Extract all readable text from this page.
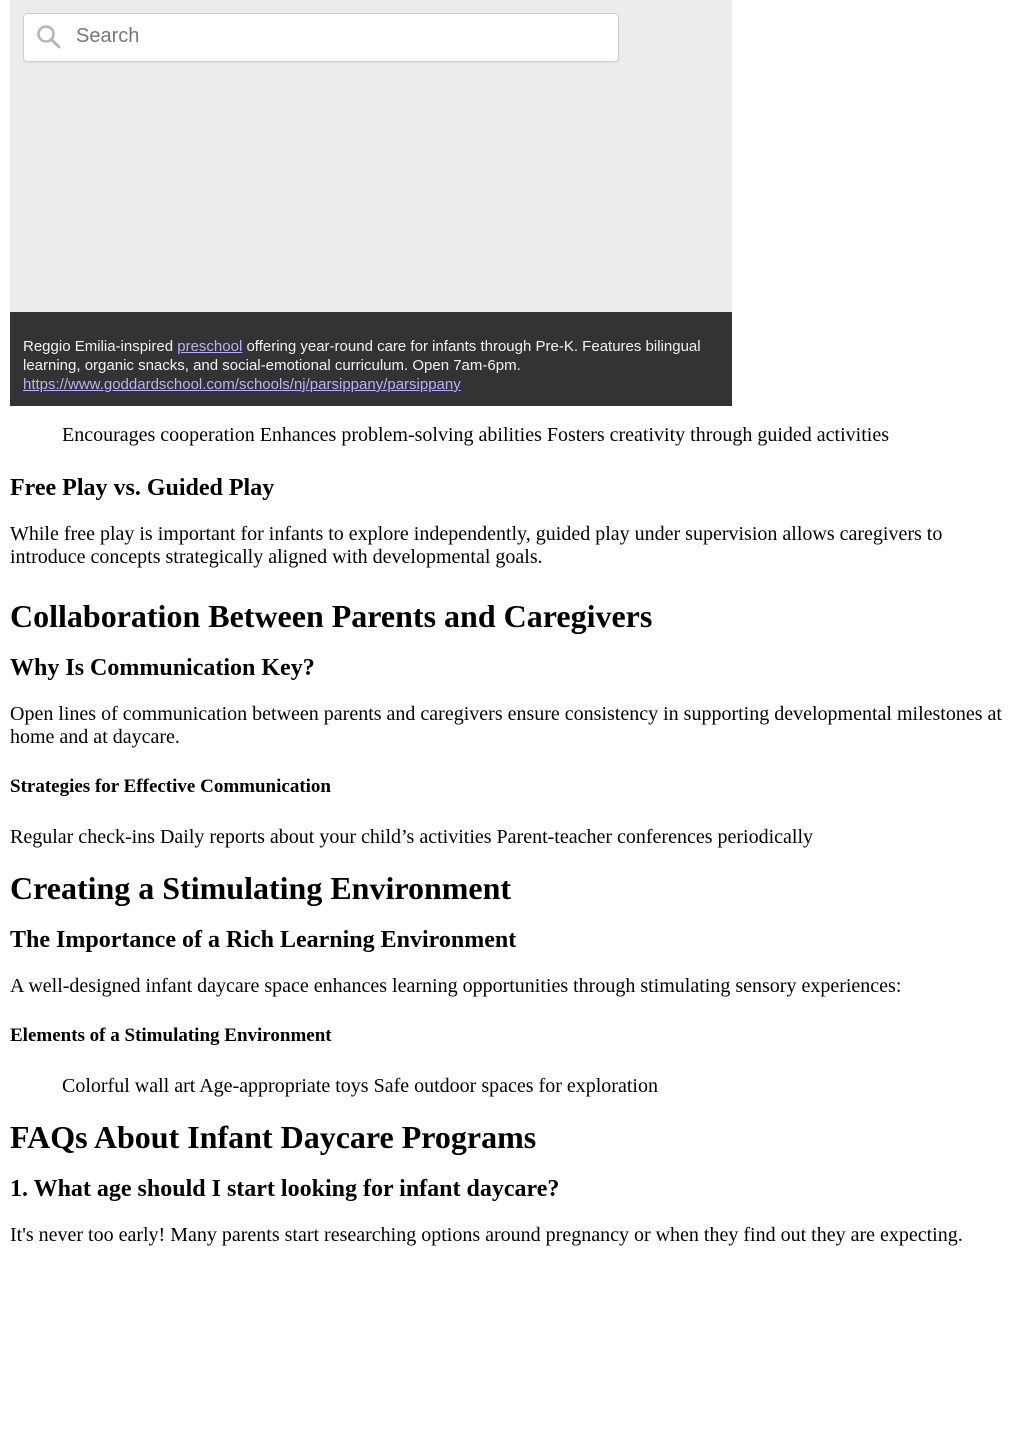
Search
Reggio Emilia-inspired preschool offering year-round care for infants through Pre-K. Features bilingual learning, organic snacks, and social-emotional curriculum. Open 7am-6pm.
https://www.goddardschool.com/schools/nj/parsippany/parsippany

Encourages cooperation Enhances problem-solving abilities Fosters creativity through guided activities

Free Play vs. Guided Play

While free play is important for infants to explore independently, guided play under supervision allows caregivers to introduce concepts strategically aligned with developmental goals.

Collaboration Between Parents and Caregivers
Why Is Communication Key?

Open lines of communication between parents and caregivers ensure consistency in supporting developmental milestones at home and at daycare.

Strategies for Effective Communication

Regular check-ins Daily reports about your child’s activities Parent-teacher conferences periodically

Creating a Stimulating Environment
The Importance of a Rich Learning Environment

A well-designed infant daycare space enhances learning opportunities through stimulating sensory experiences:

Elements of a Stimulating Environment

Colorful wall art Age-appropriate toys Safe outdoor spaces for exploration

FAQs About Infant Daycare Programs
1. What age should I start looking for infant daycare?

It's never too early! Many parents start researching options around pregnancy or when they find out they are expecting.
